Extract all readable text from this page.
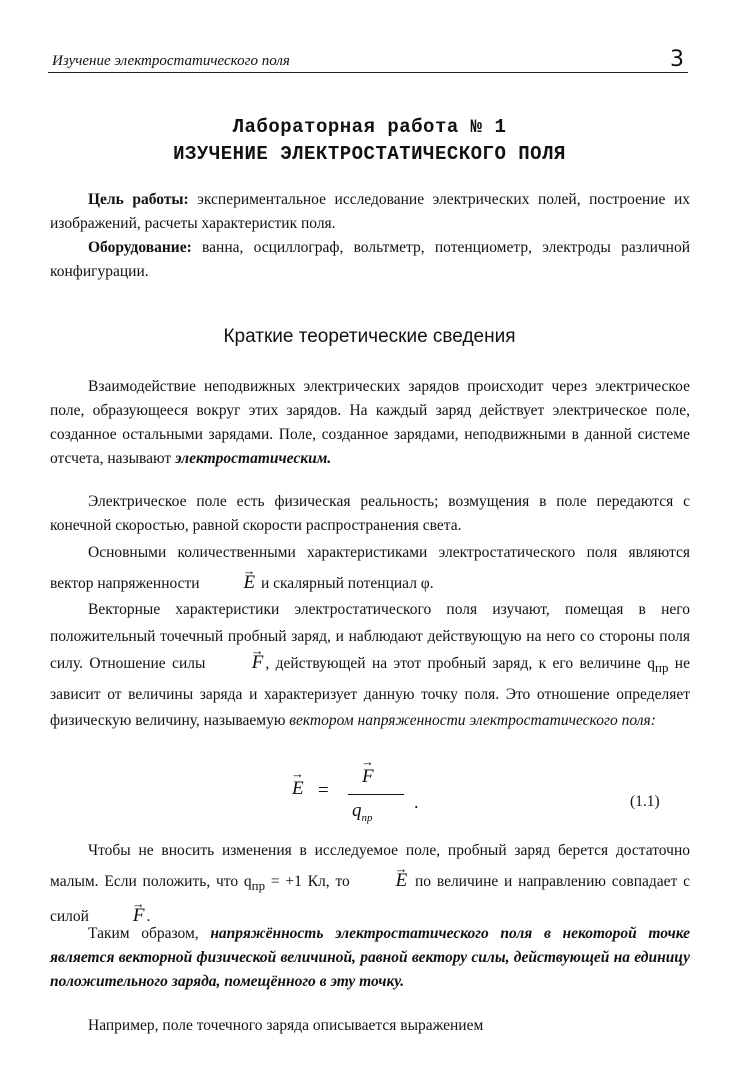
Изучение электростатического поля	3
Лабораторная работа № 1
ИЗУЧЕНИЕ ЭЛЕКТРОСТАТИЧЕСКОГО ПОЛЯ
Цель работы: экспериментальное исследование электрических полей, построение их изображений, расчеты характеристик поля.
Оборудование: ванна, осциллограф, вольтметр, потенциометр, электроды различной конфигурации.
Краткие теоретические сведения
Взаимодействие неподвижных электрических зарядов происходит через электрическое поле, образующееся вокруг этих зарядов. На каждый заряд действует электрическое поле, созданное остальными зарядами. Поле, созданное зарядами, неподвижными в данной системе отсчета, называют электростатическим.
Электрическое поле есть физическая реальность; возмущения в поле передаются с конечной скоростью, равной скорости распространения света.
Основными количественными характеристиками электростатического поля являются вектор напряженности → E и скалярный потенциал φ.
Векторные характеристики электростатического поля изучают, помещая в него положительный точечный пробный заряд, и наблюдают действующую на него со стороны поля силу. Отношение силы → F , действующей на этот пробный заряд, к его величине $q_{пр}$ не зависит от величины заряда и характеризует данную точку поля. Это отношение определяет физическую величину, называемую вектором напряженности электростатического поля:
→ E =
→ F
$q_{пр}$
.	(1.1)
Чтобы не вносить изменения в исследуемое поле, пробный заряд берется достаточно малым. Если положить, что $q_{пр} = +1$ Кл, то → E по величине и направлению совпадает с силой → F .
Таким образом, напряжённость электростатического поля в некоторой точке является векторной физической величиной, равной вектору силы, действующей на единицу положительного заряда, помещённого в эту точку.
Например, поле точечного заряда описывается выражением
